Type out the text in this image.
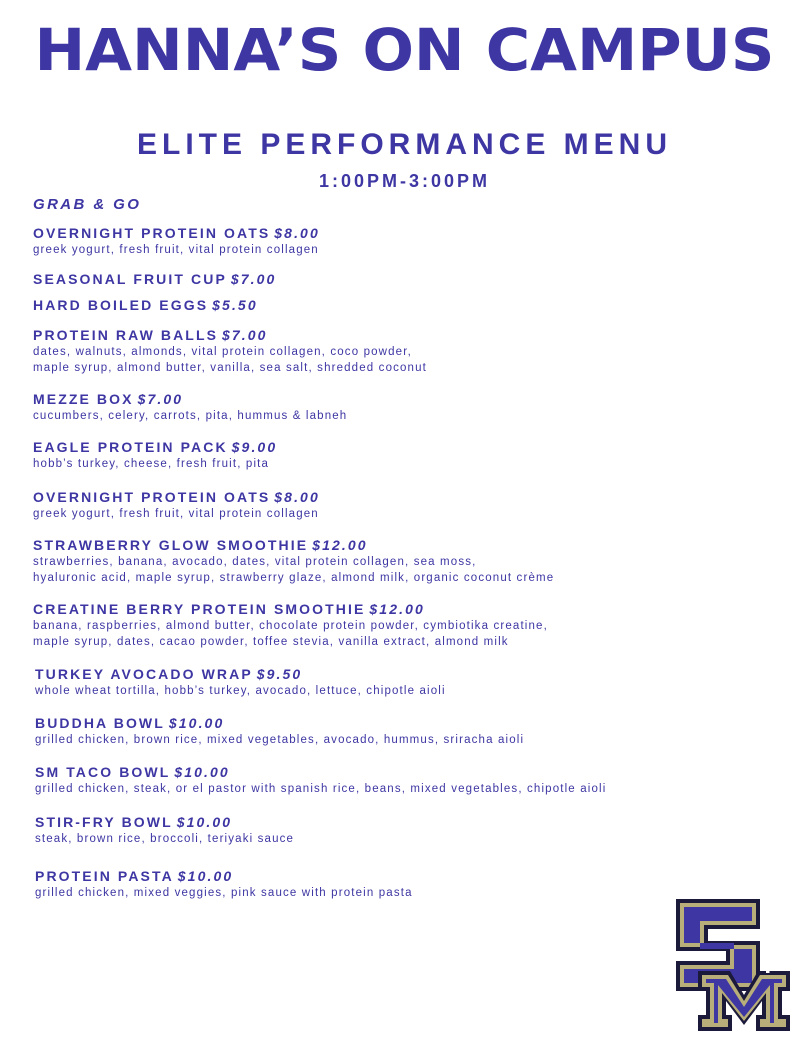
HANNA’S ON CAMPUS
ELITE PERFORMANCE MENU
1:00PM-3:00PM
GRAB & GO
OVERNIGHT PROTEIN OATS $8.00
greek yogurt, fresh fruit, vital protein collagen
SEASONAL FRUIT CUP $7.00
HARD BOILED EGGS $5.50
PROTEIN RAW BALLS $7.00
dates, walnuts, almonds, vital protein collagen, coco powder,
maple syrup, almond butter, vanilla, sea salt, shredded coconut
MEZZE BOX $7.00
cucumbers, celery, carrots, pita, hummus & labneh
EAGLE PROTEIN PACK $9.00
hobb’s turkey, cheese, fresh fruit, pita
OVERNIGHT PROTEIN OATS $8.00
greek yogurt, fresh fruit, vital protein collagen
STRAWBERRY GLOW SMOOTHIE $12.00
strawberries, banana, avocado, dates, vital protein collagen, sea moss,
hyaluronic acid, maple syrup, strawberry glaze, almond milk, organic coconut crème
CREATINE BERRY PROTEIN SMOOTHIE $12.00
banana, raspberries, almond butter, chocolate protein powder, cymbiotika creatine,
maple syrup, dates, cacao powder, toffee stevia, vanilla extract, almond milk
TURKEY AVOCADO WRAP $9.50
whole wheat tortilla, hobb’s turkey, avocado, lettuce, chipotle aioli
BUDDHA BOWL $10.00
grilled chicken, brown rice, mixed vegetables, avocado, hummus, sriracha aioli
SM TACO BOWL $10.00
grilled chicken, steak, or el pastor with spanish rice, beans, mixed vegetables, chipotle aioli
STIR-FRY BOWL $10.00
steak, brown rice, broccoli, teriyaki sauce
PROTEIN PASTA $10.00
grilled chicken, mixed veggies, pink sauce with protein pasta
